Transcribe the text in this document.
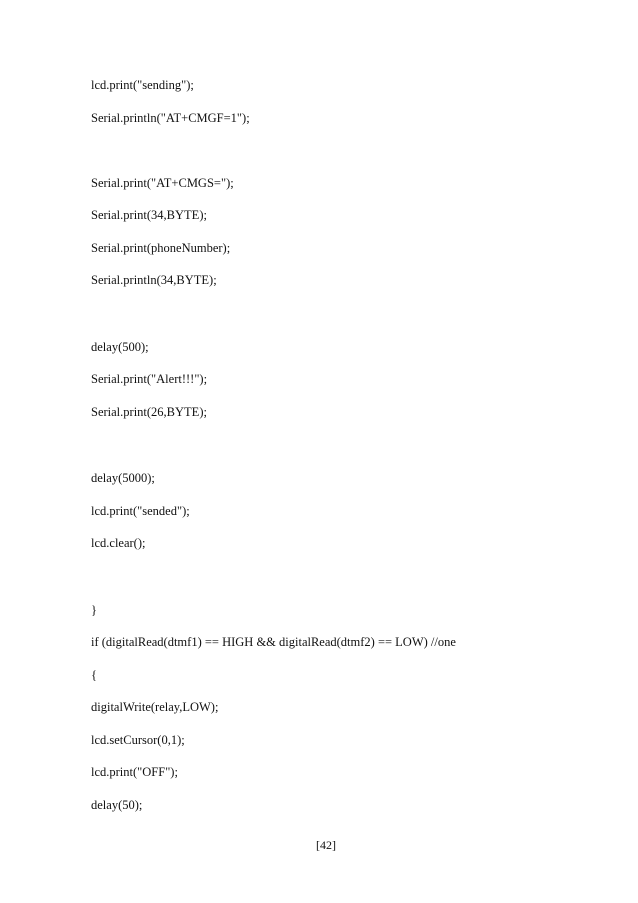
lcd.print("sending");
Serial.println("AT+CMGF=1");
Serial.print("AT+CMGS=");
Serial.print(34,BYTE);
Serial.print(phoneNumber);
Serial.println(34,BYTE);
delay(500);
Serial.print("Alert!!!");
Serial.print(26,BYTE);
delay(5000);
lcd.print("sended");
lcd.clear();
}
if (digitalRead(dtmf1) == HIGH && digitalRead(dtmf2) == LOW) //one
{
digitalWrite(relay,LOW);
lcd.setCursor(0,1);
lcd.print("OFF");
delay(50);
[42]
